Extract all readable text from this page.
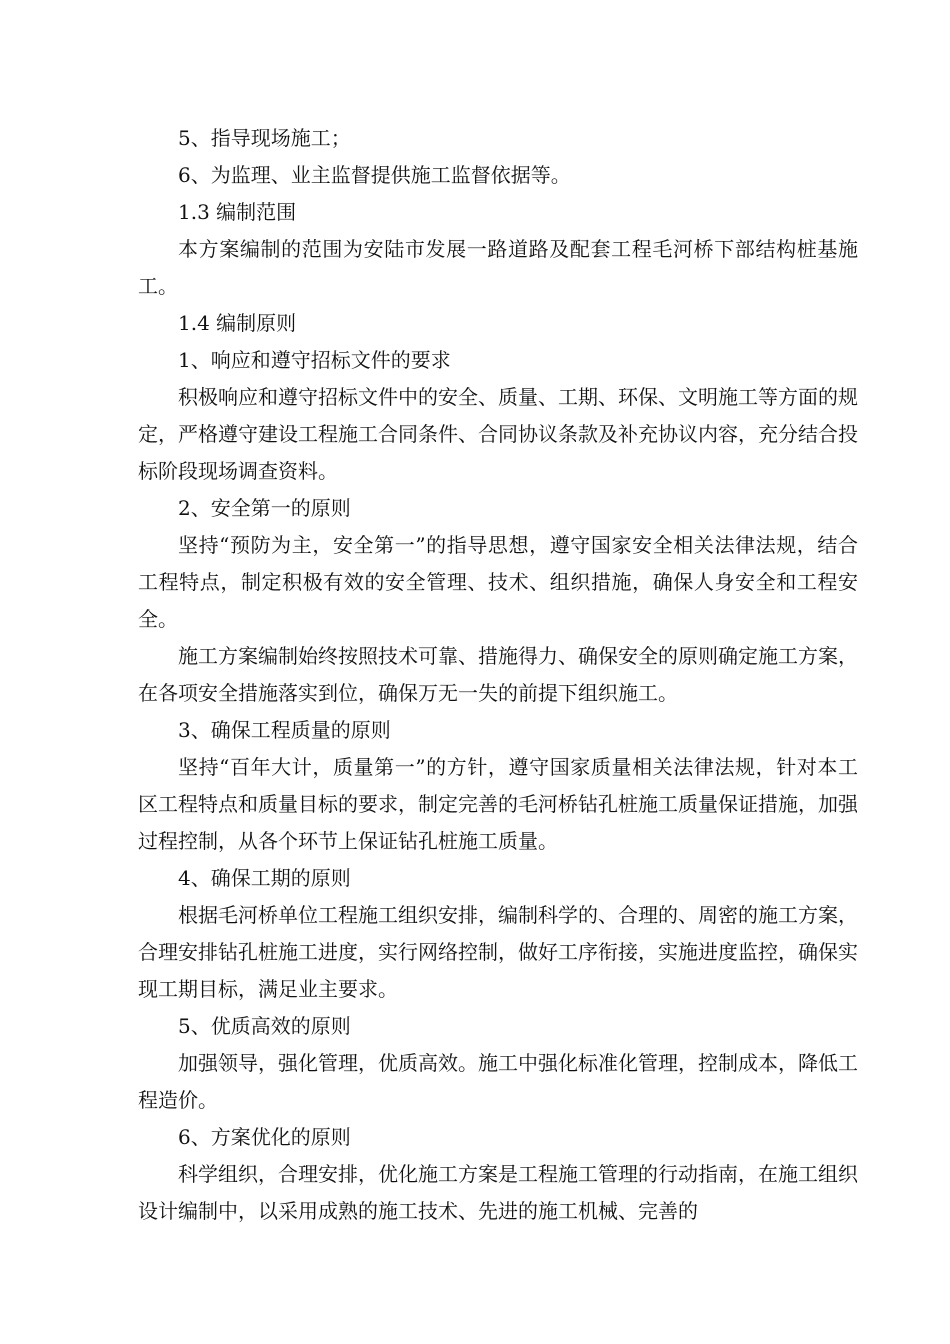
5、指导现场施工；

6、为监理、业主监督提供施工监督依据等。

1.3 编制范围

本方案编制的范围为安陆市发展一路道路及配套工程毛河桥下部结构桩基施工。

1.4 编制原则

1、响应和遵守招标文件的要求

积极响应和遵守招标文件中的安全、质量、工期、环保、文明施工等方面的规定，严格遵守建设工程施工合同条件、合同协议条款及补充协议内容，充分结合投标阶段现场调查资料。

2、安全第一的原则

坚持“预防为主，安全第一”的指导思想，遵守国家安全相关法律法规，结合工程特点，制定积极有效的安全管理、技术、组织措施，确保人身安全和工程安全。

施工方案编制始终按照技术可靠、措施得力、确保安全的原则确定施工方案，在各项安全措施落实到位，确保万无一失的前提下组织施工。

3、确保工程质量的原则

坚持“百年大计，质量第一”的方针，遵守国家质量相关法律法规，针对本工区工程特点和质量目标的要求，制定完善的毛河桥钻孔桩施工质量保证措施，加强过程控制，从各个环节上保证钻孔桩施工质量。

4、确保工期的原则

根据毛河桥单位工程施工组织安排，编制科学的、合理的、周密的施工方案，合理安排钻孔桩施工进度，实行网络控制，做好工序衔接，实施进度监控，确保实现工期目标，满足业主要求。

5、优质高效的原则

加强领导，强化管理，优质高效。施工中强化标准化管理，控制成本，降低工程造价。

6、方案优化的原则

科学组织，合理安排，优化施工方案是工程施工管理的行动指南，在施工组织设计编制中，以采用成熟的施工技术、先进的施工机械、完善的
